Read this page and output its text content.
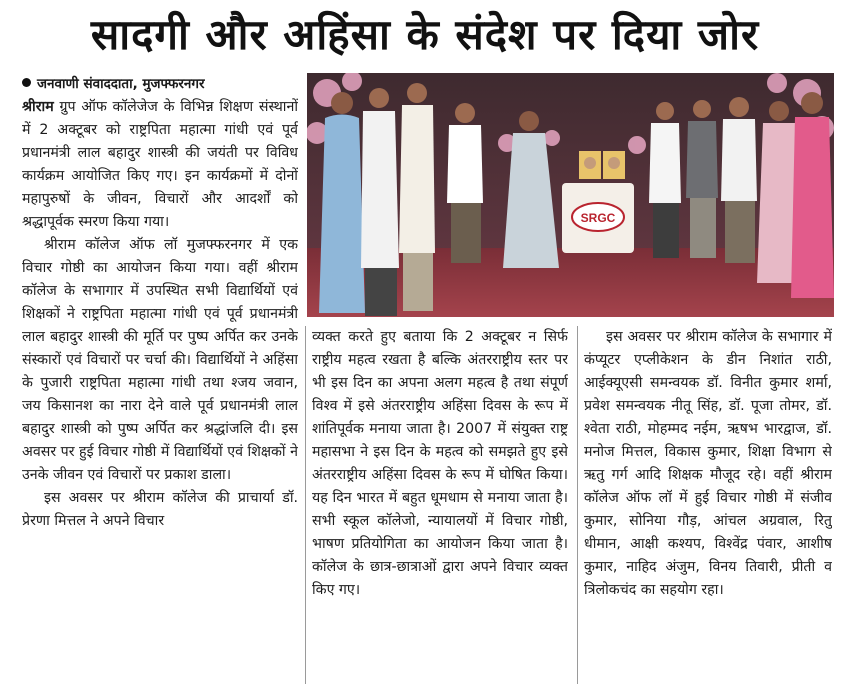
सादगी और अहिंसा के संदेश पर दिया जोर
जनवाणी संवाददाता, मुजफ्फरनगर

श्रीराम ग्रुप ऑफ कॉलेजेज के विभिन्न शिक्षण संस्थानों में 2 अक्टूबर को राष्ट्रपिता महात्मा गांधी एवं पूर्व प्रधानमंत्री लाल बहादुर शास्त्री की जयंती पर विविध कार्यक्रम आयोजित किए गए। इन कार्यक्रमों में दोनों महापुरुषों के जीवन, विचारों और आदर्शों को श्रद्धापूर्वक स्मरण किया गया।

श्रीराम कॉलेज ऑफ लॉ मुजफ्फरनगर में एक विचार गोष्ठी का आयोजन किया गया। वहीं श्रीराम कॉलेज के सभागार में उपस्थित सभी विद्यार्थियों एवं शिक्षकों ने राष्ट्रपिता महात्मा गांधी एवं पूर्व प्रधानमंत्री लाल बहादुर शास्त्री की मूर्ति पर पुष्प अर्पित कर उनके संस्कारों एवं विचारों पर चर्चा की। विद्यार्थियों ने अहिंसा के पुजारी राष्ट्रपिता महात्मा गांधी तथा श्जय जवान, जय किसानश का नारा देने वाले पूर्व प्रधानमंत्री लाल बहादुर शास्त्री को पुष्प अर्पित कर श्रद्धांजलि दी। इस अवसर पर हुई विचार गोष्ठी में विद्यार्थियों एवं शिक्षकों ने उनके जीवन एवं विचारों पर प्रकाश डाला।

इस अवसर पर श्रीराम कॉलेज की प्राचार्या डॉ. प्रेरणा मित्तल ने अपने विचार

SRGC

व्यक्त करते हुए बताया कि 2 अक्टूबर न सिर्फ राष्ट्रीय महत्व रखता है बल्कि अंतरराष्ट्रीय स्तर पर भी इस दिन का अपना अलग महत्व है तथा संपूर्ण विश्व में इसे अंतरराष्ट्रीय अहिंसा दिवस के रूप में शांतिपूर्वक मनाया जाता है। 2007 में संयुक्त राष्ट्र महासभा ने इस दिन के महत्व को समझते हुए इसे अंतरराष्ट्रीय अहिंसा दिवस के रूप में घोषित किया। यह दिन भारत में बहुत धूमधाम से मनाया जाता है। सभी स्कूल कॉलेजो, न्यायालयों में विचार गोष्ठी, भाषण प्रतियोगिता का आयोजन किया जाता है। कॉलेज के छात्र-छात्राओं द्वारा अपने विचार व्यक्त किए गए।

इस अवसर पर श्रीराम कॉलेज के सभागार में कंप्यूटर एप्लीकेशन के डीन निशांत राठी, आईक्यूएसी समन्वयक डॉ. विनीत कुमार शर्मा, प्रवेश समन्वयक नीतू सिंह, डॉ. पूजा तोमर, डॉ. श्वेता राठी, मोहम्मद नईम, ऋषभ भारद्वाज, डॉ. मनोज मित्तल, विकास कुमार, शिक्षा विभाग से ऋतु गर्ग आदि शिक्षक मौजूद रहे। वहीं श्रीराम कॉलेज ऑफ लॉ में हुई विचार गोष्ठी में संजीव कुमार, सोनिया गौड़, आंचल अग्रवाल, रितु धीमान, आक्षी कश्यप, विश्वेंद्र पंवार, आशीष कुमार, नाहिद अंजुम, विनय तिवारी, प्रीती व त्रिलोकचंद का सहयोग रहा।
